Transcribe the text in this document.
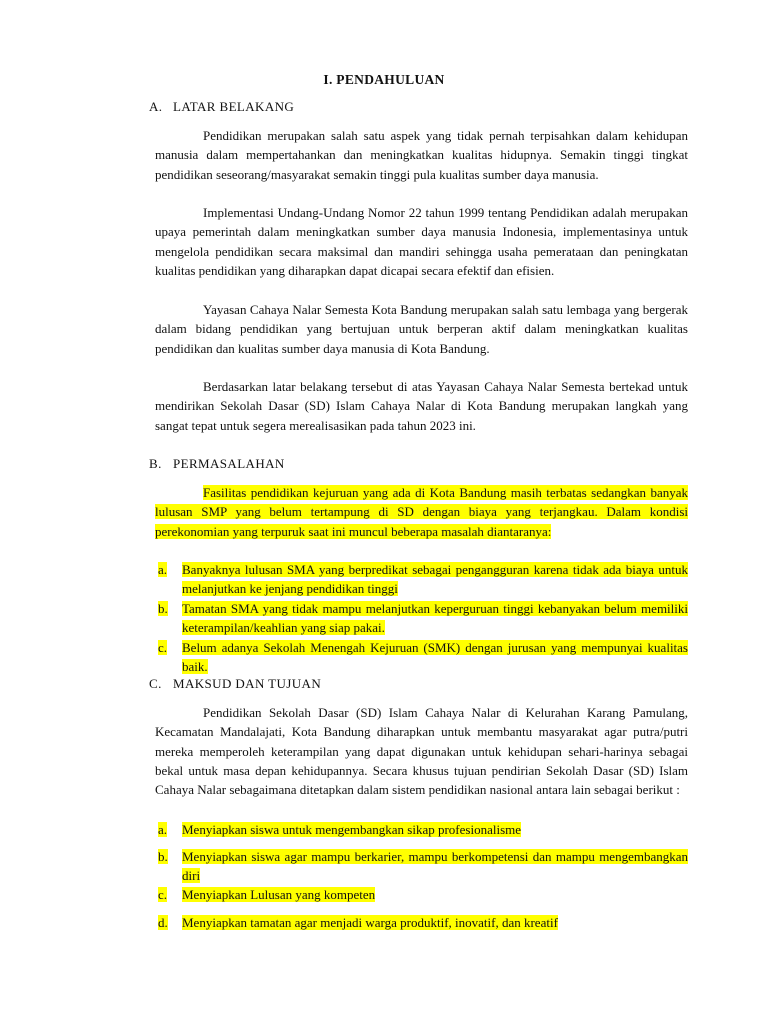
I. PENDAHULUAN
A. LATAR BELAKANG
Pendidikan merupakan salah satu aspek yang tidak pernah terpisahkan dalam kehidupan manusia dalam mempertahankan dan meningkatkan kualitas hidupnya. Semakin tinggi tingkat pendidikan seseorang/masyarakat semakin tinggi pula kualitas sumber daya manusia.
Implementasi Undang-Undang Nomor 22 tahun 1999 tentang Pendidikan adalah merupakan upaya pemerintah dalam meningkatkan sumber daya manusia Indonesia, implementasinya untuk mengelola pendidikan secara maksimal dan mandiri sehingga usaha pemerataan dan peningkatan kualitas pendidikan yang diharapkan dapat dicapai secara efektif dan efisien.
Yayasan Cahaya Nalar Semesta Kota Bandung merupakan salah satu lembaga yang bergerak dalam bidang pendidikan yang bertujuan untuk berperan aktif dalam meningkatkan kualitas pendidikan dan kualitas sumber daya manusia di Kota Bandung.
Berdasarkan latar belakang tersebut di atas Yayasan Cahaya Nalar Semesta bertekad untuk mendirikan Sekolah Dasar (SD) Islam Cahaya Nalar di Kota Bandung merupakan langkah yang sangat tepat untuk segera merealisasikan pada tahun 2023 ini.
B. PERMASALAHAN
Fasilitas pendidikan kejuruan yang ada di Kota Bandung masih terbatas sedangkan banyak lulusan SMP yang belum tertampung di SD dengan biaya yang terjangkau. Dalam kondisi perekonomian yang terpuruk saat ini muncul beberapa masalah diantaranya:
a. Banyaknya lulusan SMA yang berpredikat sebagai pengangguran karena tidak ada biaya untuk melanjutkan ke jenjang pendidikan tinggi
b. Tamatan SMA yang tidak mampu melanjutkan keperguruan tinggi kebanyakan belum memiliki keterampilan/keahlian yang siap pakai.
c. Belum adanya Sekolah Menengah Kejuruan (SMK) dengan jurusan yang mempunyai kualitas baik.
C. MAKSUD DAN TUJUAN
Pendidikan Sekolah Dasar (SD) Islam Cahaya Nalar di Kelurahan Karang Pamulang, Kecamatan Mandalajati, Kota Bandung diharapkan untuk membantu masyarakat agar putra/putri mereka memperoleh keterampilan yang dapat digunakan untuk kehidupan sehari-harinya sebagai bekal untuk masa depan kehidupannya. Secara khusus tujuan pendirian Sekolah Dasar (SD) Islam Cahaya Nalar sebagaimana ditetapkan dalam sistem pendidikan nasional antara lain sebagai berikut :
a. Menyiapkan siswa untuk mengembangkan sikap profesionalisme
b. Menyiapkan siswa agar mampu berkarier, mampu berkompetensi dan mampu mengembangkan diri
c. Menyiapkan Lulusan yang kompeten
d. Menyiapkan tamatan agar menjadi warga produktif, inovatif, dan kreatif
